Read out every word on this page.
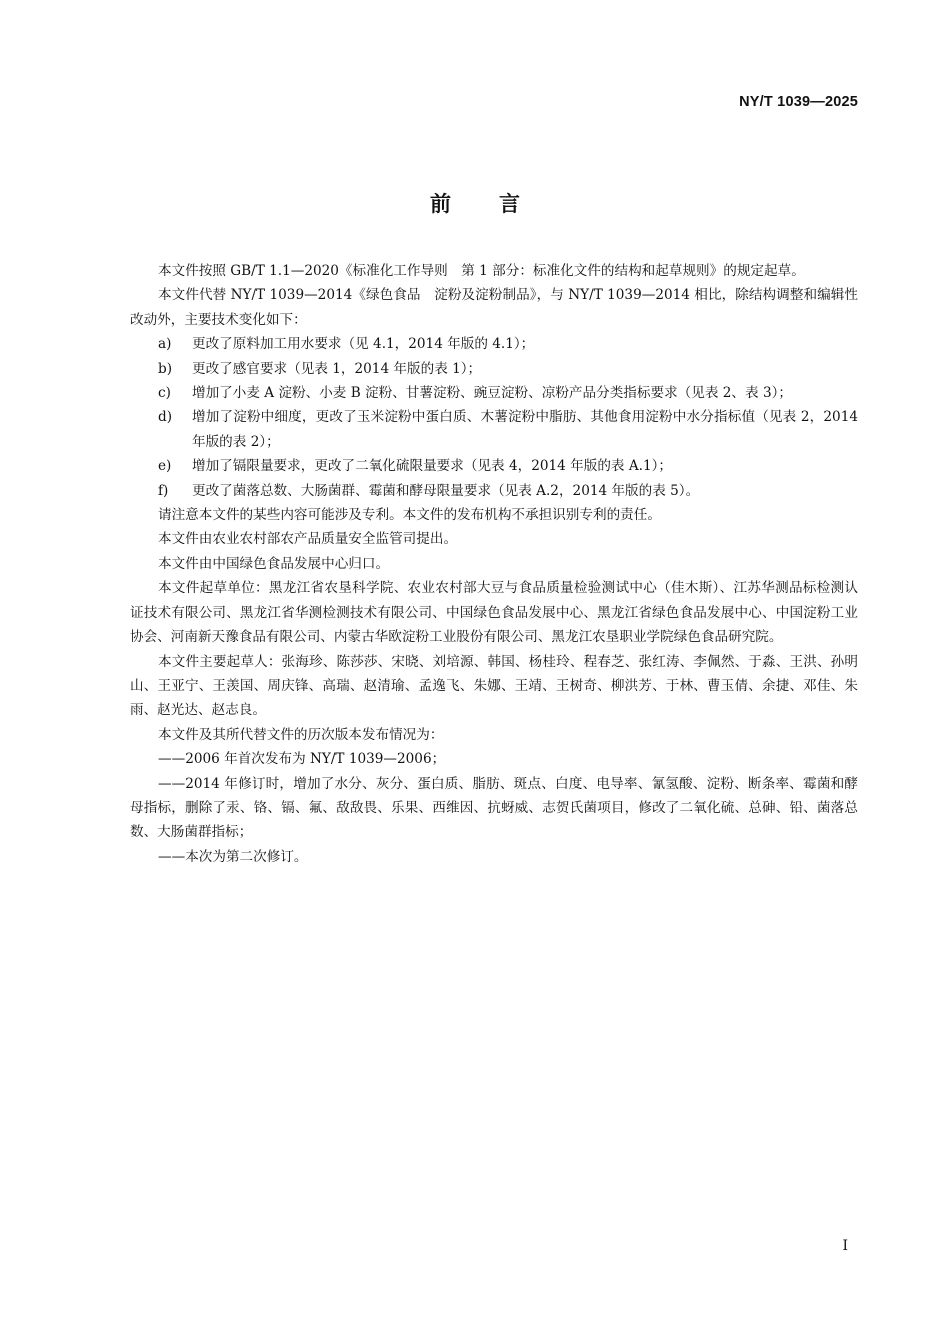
NY/T 1039—2025
前言

本文件按照 GB/T 1.1—2020《标准化工作导则　第 1 部分：标准化文件的结构和起草规则》的规定起草。

本文件代替 NY/T 1039—2014《绿色食品　淀粉及淀粉制品》，与 NY/T 1039—2014 相比，除结构调整和编辑性改动外，主要技术变化如下：

a)	更改了原料加工用水要求（见 4.1，2014 年版的 4.1）；
b)	更改了感官要求（见表 1，2014 年版的表 1）；
c)	增加了小麦 A 淀粉、小麦 B 淀粉、甘薯淀粉、豌豆淀粉、凉粉产品分类指标要求（见表 2、表 3）；
d)	增加了淀粉中细度，更改了玉米淀粉中蛋白质、木薯淀粉中脂肪、其他食用淀粉中水分指标值（见表 2，2014 年版的表 2）；
e)	增加了镉限量要求，更改了二氧化硫限量要求（见表 4，2014 年版的表 A.1）；
f)	更改了菌落总数、大肠菌群、霉菌和酵母限量要求（见表 A.2，2014 年版的表 5）。

请注意本文件的某些内容可能涉及专利。本文件的发布机构不承担识别专利的责任。

本文件由农业农村部农产品质量安全监管司提出。

本文件由中国绿色食品发展中心归口。

本文件起草单位：黑龙江省农垦科学院、农业农村部大豆与食品质量检验测试中心（佳木斯）、江苏华测品标检测认证技术有限公司、黑龙江省华测检测技术有限公司、中国绿色食品发展中心、黑龙江省绿色食品发展中心、中国淀粉工业协会、河南新天豫食品有限公司、内蒙古华欧淀粉工业股份有限公司、黑龙江农垦职业学院绿色食品研究院。

本文件主要起草人：张海珍、陈莎莎、宋晓、刘培源、韩国、杨桂玲、程春芝、张红涛、李佩然、于淼、王洪、孙明山、王亚宁、王羡国、周庆锋、高瑞、赵清瑜、孟逸飞、朱娜、王靖、王树奇、柳洪芳、于林、曹玉倩、余捷、邓佳、朱雨、赵光达、赵志良。

本文件及其所代替文件的历次版本发布情况为：

——2006 年首次发布为 NY/T 1039—2006；

——2014 年修订时，增加了水分、灰分、蛋白质、脂肪、斑点、白度、电导率、氰氢酸、淀粉、断条率、霉菌和酵母指标，删除了汞、铬、镉、氟、敌敌畏、乐果、西维因、抗蚜威、志贺氏菌项目，修改了二氧化硫、总砷、铅、菌落总数、大肠菌群指标；

——本次为第二次修订。

I
